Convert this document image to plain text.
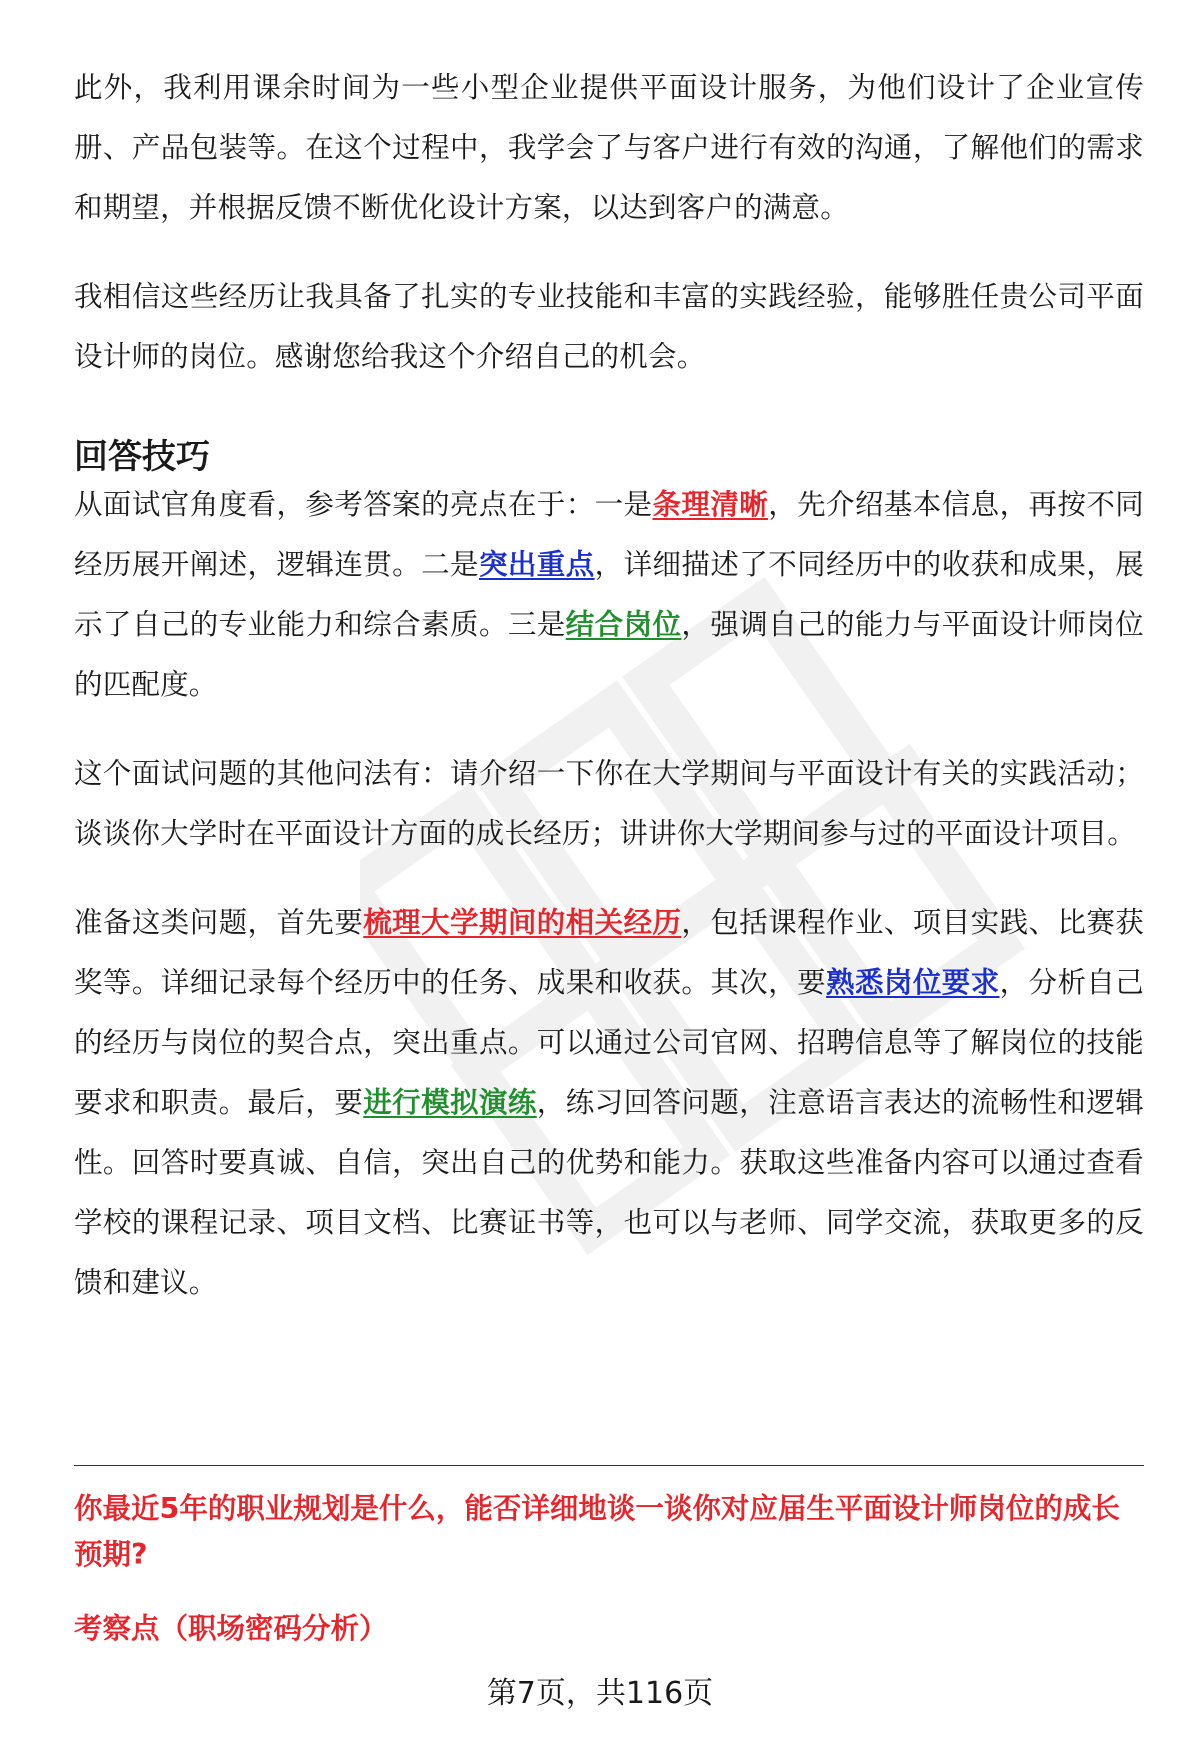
此外，我利用课余时间为一些小型企业提供平面设计服务，为他们设计了企业宣传册、产品包装等。在这个过程中，我学会了与客户进行有效的沟通，了解他们的需求和期望，并根据反馈不断优化设计方案，以达到客户的满意。

我相信这些经历让我具备了扎实的专业技能和丰富的实践经验，能够胜任贵公司平面设计师的岗位。感谢您给我这个介绍自己的机会。

回答技巧

从面试官角度看，参考答案的亮点在于：一是条理清晰，先介绍基本信息，再按不同经历展开阐述，逻辑连贯。二是突出重点，详细描述了不同经历中的收获和成果，展示了自己的专业能力和综合素质。三是结合岗位，强调自己的能力与平面设计师岗位的匹配度。

这个面试问题的其他问法有：请介绍一下你在大学期间与平面设计有关的实践活动；谈谈你大学时在平面设计方面的成长经历；讲讲你大学期间参与过的平面设计项目。

准备这类问题，首先要梳理大学期间的相关经历，包括课程作业、项目实践、比赛获奖等。详细记录每个经历中的任务、成果和收获。其次，要熟悉岗位要求，分析自己的经历与岗位的契合点，突出重点。可以通过公司官网、招聘信息等了解岗位的技能要求和职责。最后，要进行模拟演练，练习回答问题，注意语言表达的流畅性和逻辑性。回答时要真诚、自信，突出自己的优势和能力。获取这些准备内容可以通过查看学校的课程记录、项目文档、比赛证书等，也可以与老师、同学交流，获取更多的反馈和建议。

你最近5年的职业规划是什么，能否详细地谈一谈你对应届生平面设计师岗位的成长预期?

考察点（职场密码分析）

第7页，共116页
